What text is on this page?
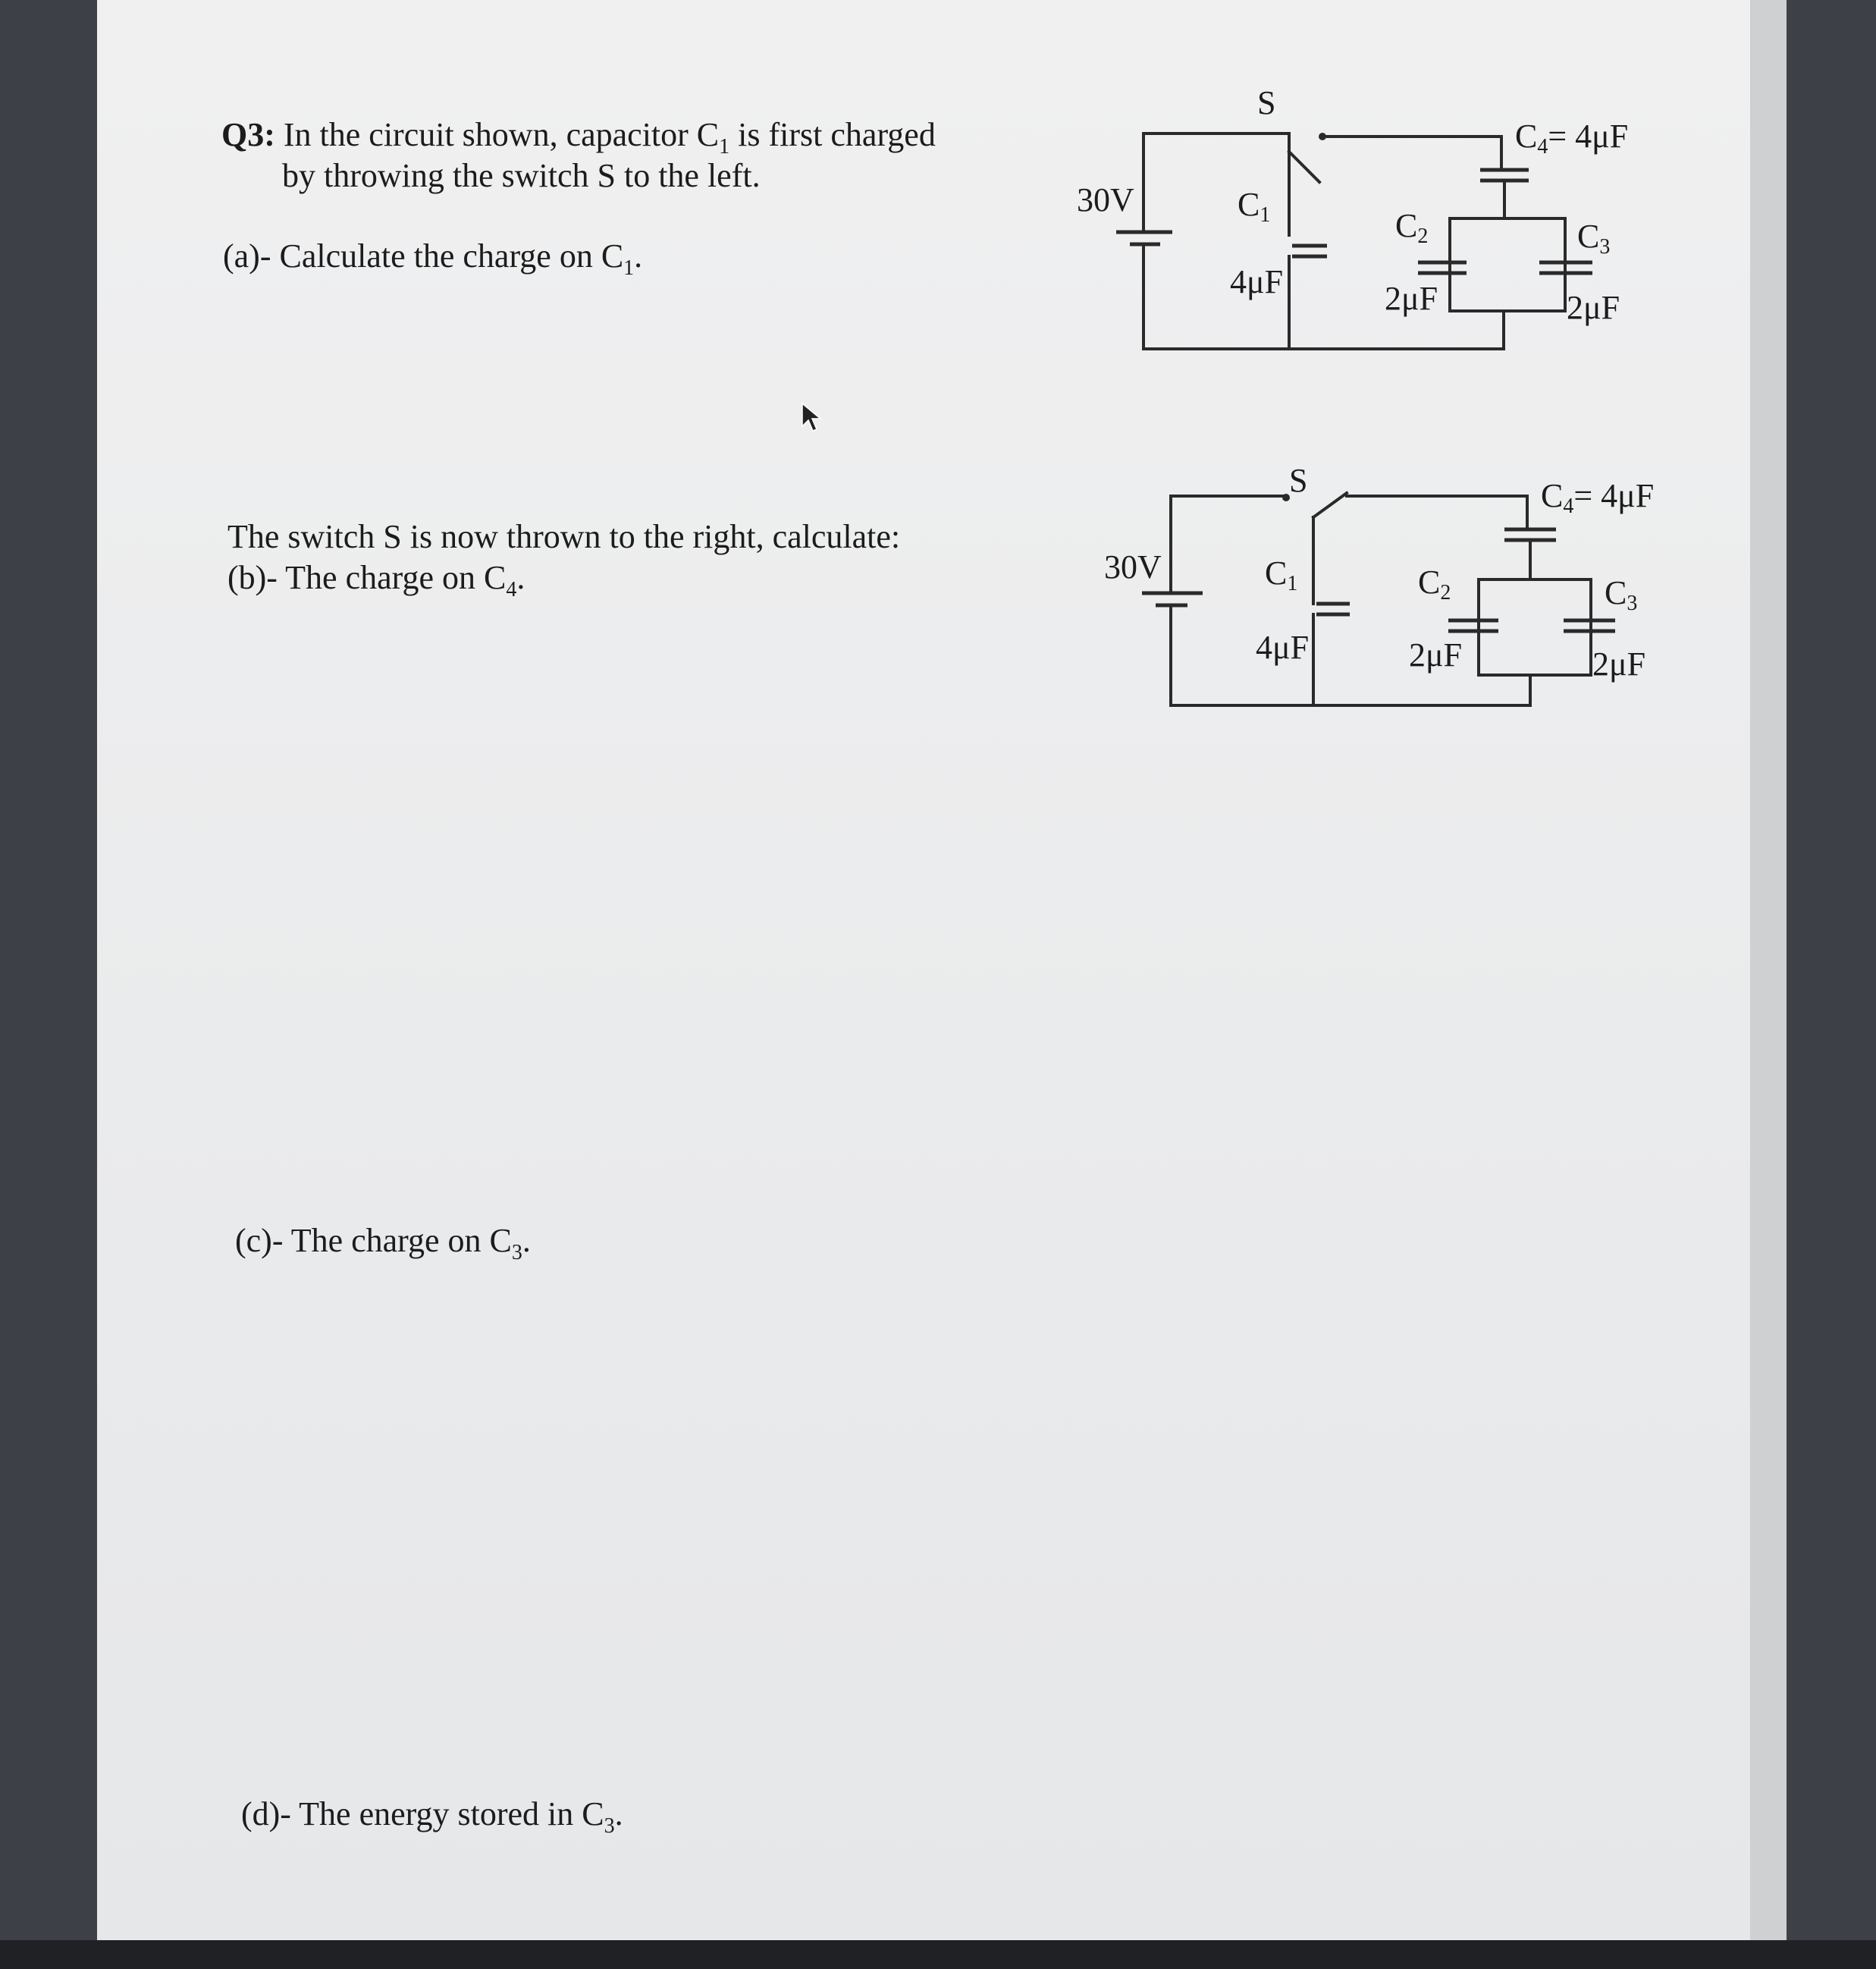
Q3: In the circuit shown, capacitor $C_1$ is first charged

by throwing the switch S to the left.

(a)- Calculate the charge on $C_1$.

The switch S is now thrown to the right, calculate:

(b)- The charge on $C_4$.

(c)- The charge on $C_3$.

(d)- The energy stored in $C_3$.

30V
S
C1
4μF
C2
2μF
C3
2μF
C4= 4μF
30V
S
C1
4μF
C2
2μF
C3
2μF
C4= 4μF
